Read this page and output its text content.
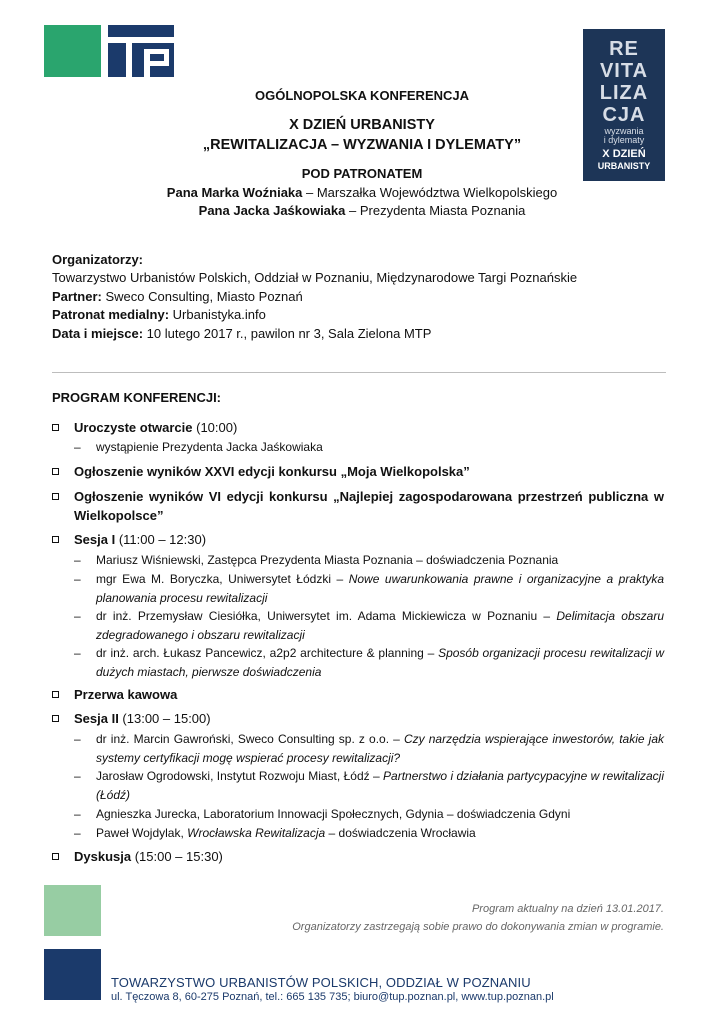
RE
VITA
LIZA
CJA
wyzwania
i dylematy
X DZIEŃ
URBANISTY
OGÓLNOPOLSKA KONFERENCJA
X DZIEŃ URBANISTY
„REWITALIZACJA – WYZWANIA I DYLEMATY”
POD PATRONATEM
Pana Marka Woźniaka – Marszałka Województwa Wielkopolskiego
Pana Jacka Jaśkowiaka – Prezydenta Miasta Poznania
Organizatorzy:
Towarzystwo Urbanistów Polskich, Oddział w Poznaniu, Międzynarodowe Targi Poznańskie
Partner: Sweco Consulting, Miasto Poznań
Patronat medialny: Urbanistyka.info
Data i miejsce: 10 lutego 2017 r., pawilon nr 3, Sala Zielona MTP
PROGRAM KONFERENCJI:
Uroczyste otwarcie (10:00)
– wystąpienie Prezydenta Jacka Jaśkowiaka
Ogłoszenie wyników XXVI edycji konkursu „Moja Wielkopolska”
Ogłoszenie wyników VI edycji konkursu „Najlepiej zagospodarowana przestrzeń publiczna w Wielkopolsce”
Sesja I (11:00 – 12:30)
– Mariusz Wiśniewski, Zastępca Prezydenta Miasta Poznania – doświadczenia Poznania
– mgr Ewa M. Boryczka, Uniwersytet Łódzki – Nowe uwarunkowania prawne i organizacyjne a praktyka planowania procesu rewitalizacji
– dr inż. Przemysław Ciesiółka, Uniwersytet im. Adama Mickiewicza w Poznaniu – Delimitacja obszaru zdegradowanego i obszaru rewitalizacji
– dr inż. arch. Łukasz Pancewicz, a2p2 architecture & planning – Sposób organizacji procesu rewitalizacji w dużych miastach, pierwsze doświadczenia
Przerwa kawowa
Sesja II (13:00 – 15:00)
– dr inż. Marcin Gawroński, Sweco Consulting sp. z o.o. – Czy narzędzia wspierające inwestorów, takie jak systemy certyfikacji mogę wspierać procesy rewitalizacji?
– Jarosław Ogrodowski, Instytut Rozwoju Miast, Łódź – Partnerstwo i działania partycypacyjne w rewitalizacji (Łódź)
– Agnieszka Jurecka, Laboratorium Innowacji Społecznych, Gdynia – doświadczenia Gdyni
– Paweł Wojdylak, Wrocławska Rewitalizacja – doświadczenia Wrocławia
Dyskusja (15:00 – 15:30)
Program aktualny na dzień 13.01.2017.
Organizatorzy zastrzegają sobie prawo do dokonywania zmian w programie.
TOWARZYSTWO URBANISTÓW POLSKICH, ODDZIAŁ W POZNANIU
ul. Tęczowa 8, 60-275 Poznań, tel.: 665 135 735; biuro@tup.poznan.pl, www.tup.poznan.pl
